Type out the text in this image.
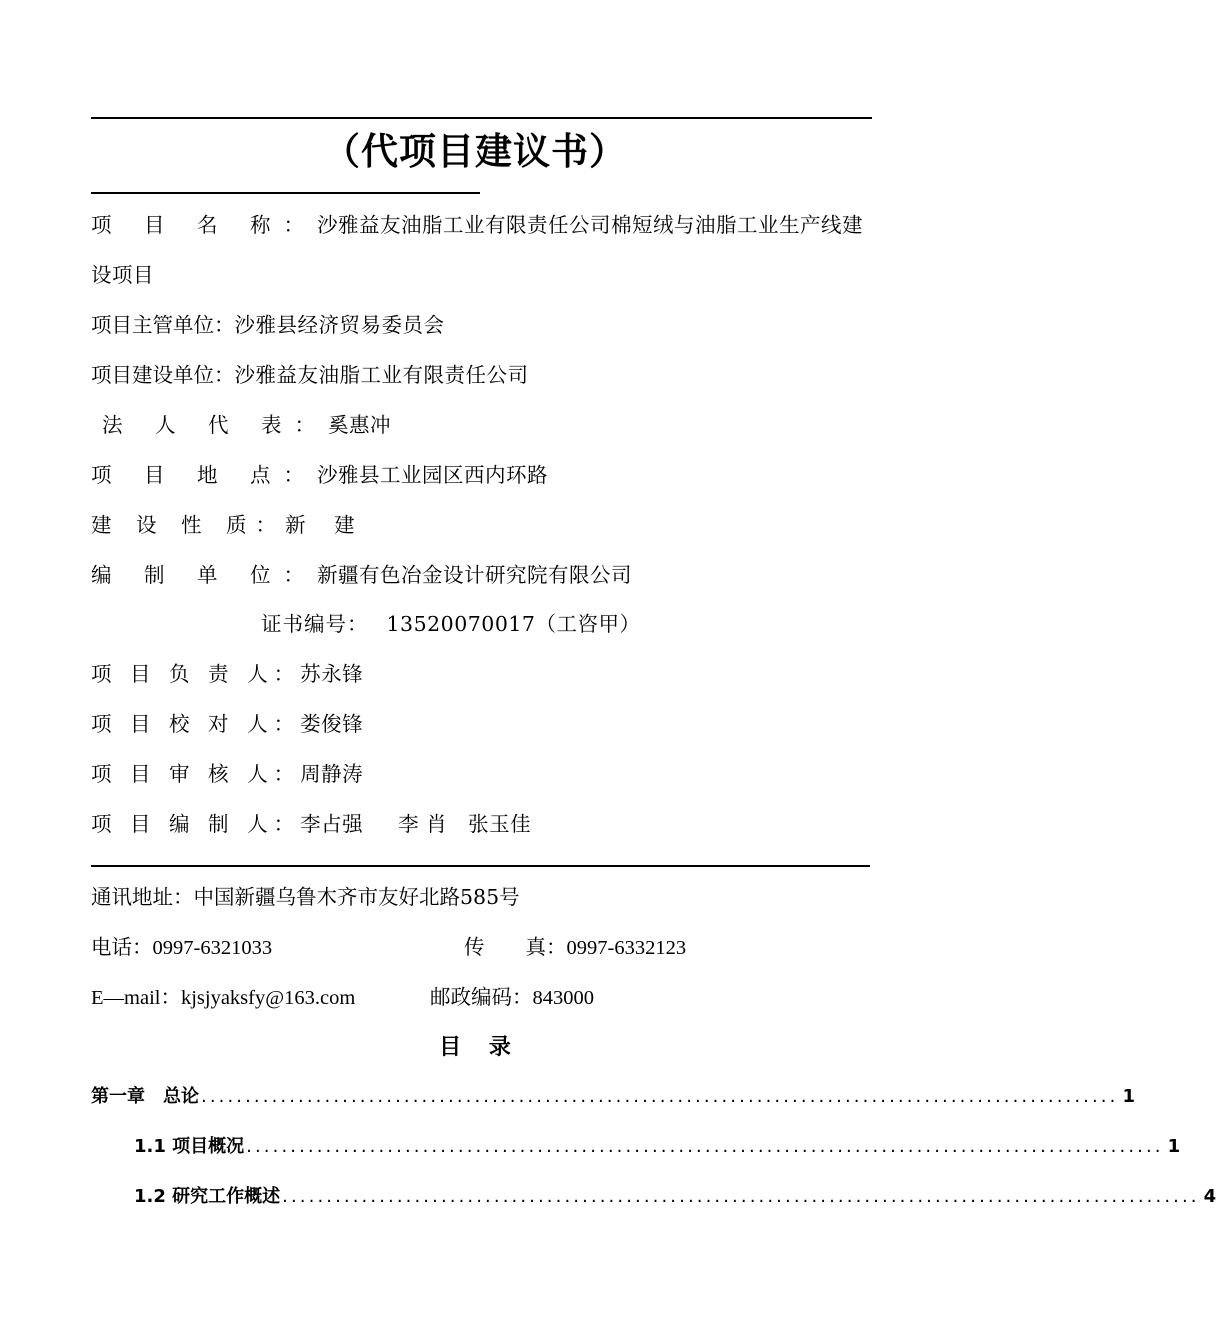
（代项目建议书）
项 目 名 称：沙雅益友油脂工业有限责任公司棉短绒与油脂工业生产线建
设项目
项目主管单位：沙雅县经济贸易委员会
项目建设单位：沙雅益友油脂工业有限责任公司
法 人 代 表：奚惠冲
项 目 地 点：沙雅县工业园区西内环路
建 设 性 质：新　 建
编 制 单 位：新疆有色冶金设计研究院有限公司
证书编号： 13520070017（工咨甲）
项 目 负 责 人：苏永锋
项 目 校 对 人：娄俊锋
项 目 审 核 人：周静涛
项 目 编 制 人：李占强 　 李 肖　张玉佳
通讯地址：中国新疆乌鲁木齐市友好北路585号
电话：0997-6321033	传　　真：0997-6332123
E—mail：kjsjyaksfy@163.com	邮政编码：843000
目 录
第一章　总论 ........................................................................................................ 1
1.1 项目概况 ........................................................................................................ 1
1.2 研究工作概述 ........................................................................................................ 4
